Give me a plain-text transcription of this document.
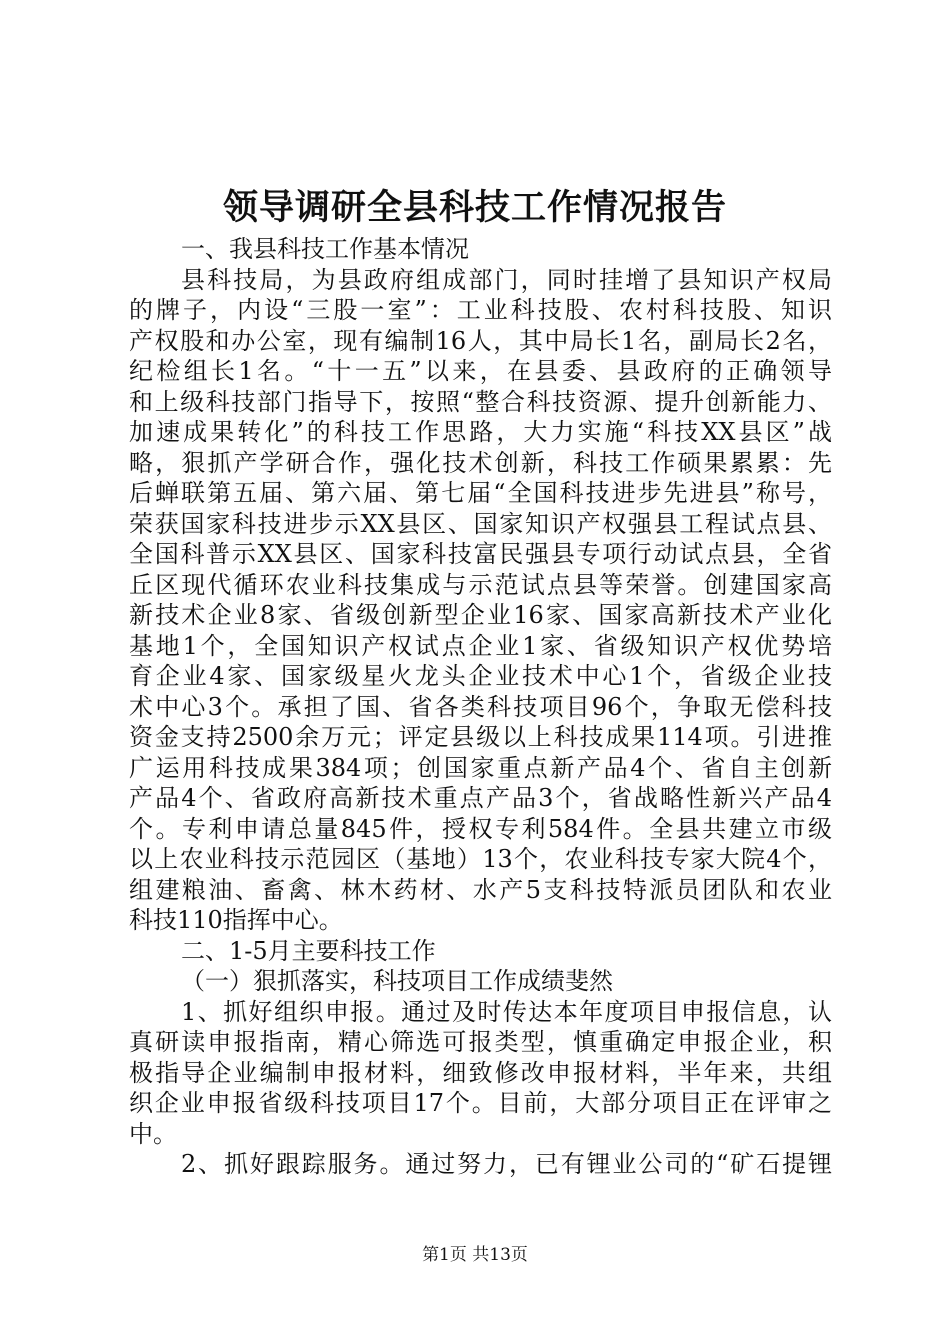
领导调研全县科技工作情况报告
一、我县科技工作基本情况
县科技局，为县政府组成部门，同时挂增了县知识产权局
的牌子，内设“三股一室”：工业科技股、农村科技股、知识
产权股和办公室，现有编制16人，其中局长1名，副局长2名，
纪检组长1名。“十一五”以来，在县委、县政府的正确领导
和上级科技部门指导下，按照“整合科技资源、提升创新能力、
加速成果转化”的科技工作思路，大力实施“科技XX县区”战
略，狠抓产学研合作，强化技术创新，科技工作硕果累累：先
后蝉联第五届、第六届、第七届“全国科技进步先进县”称号，
荣获国家科技进步示XX县区、国家知识产权强县工程试点县、
全国科普示XX县区、国家科技富民强县专项行动试点县，全省
丘区现代循环农业科技集成与示范试点县等荣誉。创建国家高
新技术企业8家、省级创新型企业16家、国家高新技术产业化
基地1个，全国知识产权试点企业1家、省级知识产权优势培
育企业4家、国家级星火龙头企业技术中心1个，省级企业技
术中心3个。承担了国、省各类科技项目96个，争取无偿科技
资金支持2500余万元；评定县级以上科技成果114项。引进推
广运用科技成果384项；创国家重点新产品4个、省自主创新
产品4个、省政府高新技术重点产品3个，省战略性新兴产品4
个。专利申请总量845件，授权专利584件。全县共建立市级
以上农业科技示范园区（基地）13个，农业科技专家大院4个，
组建粮油、畜禽、林木药材、水产5支科技特派员团队和农业
科技110指挥中心。
二、1-5月主要科技工作
（一）狠抓落实，科技项目工作成绩斐然
1、抓好组织申报。通过及时传达本年度项目申报信息，认
真研读申报指南，精心筛选可报类型，慎重确定申报企业，积
极指导企业编制申报材料，细致修改申报材料，半年来，共组
织企业申报省级科技项目17个。目前，大部分项目正在评审之
中。
2、抓好跟踪服务。通过努力，已有锂业公司的“矿石提锂
第1页 共13页
